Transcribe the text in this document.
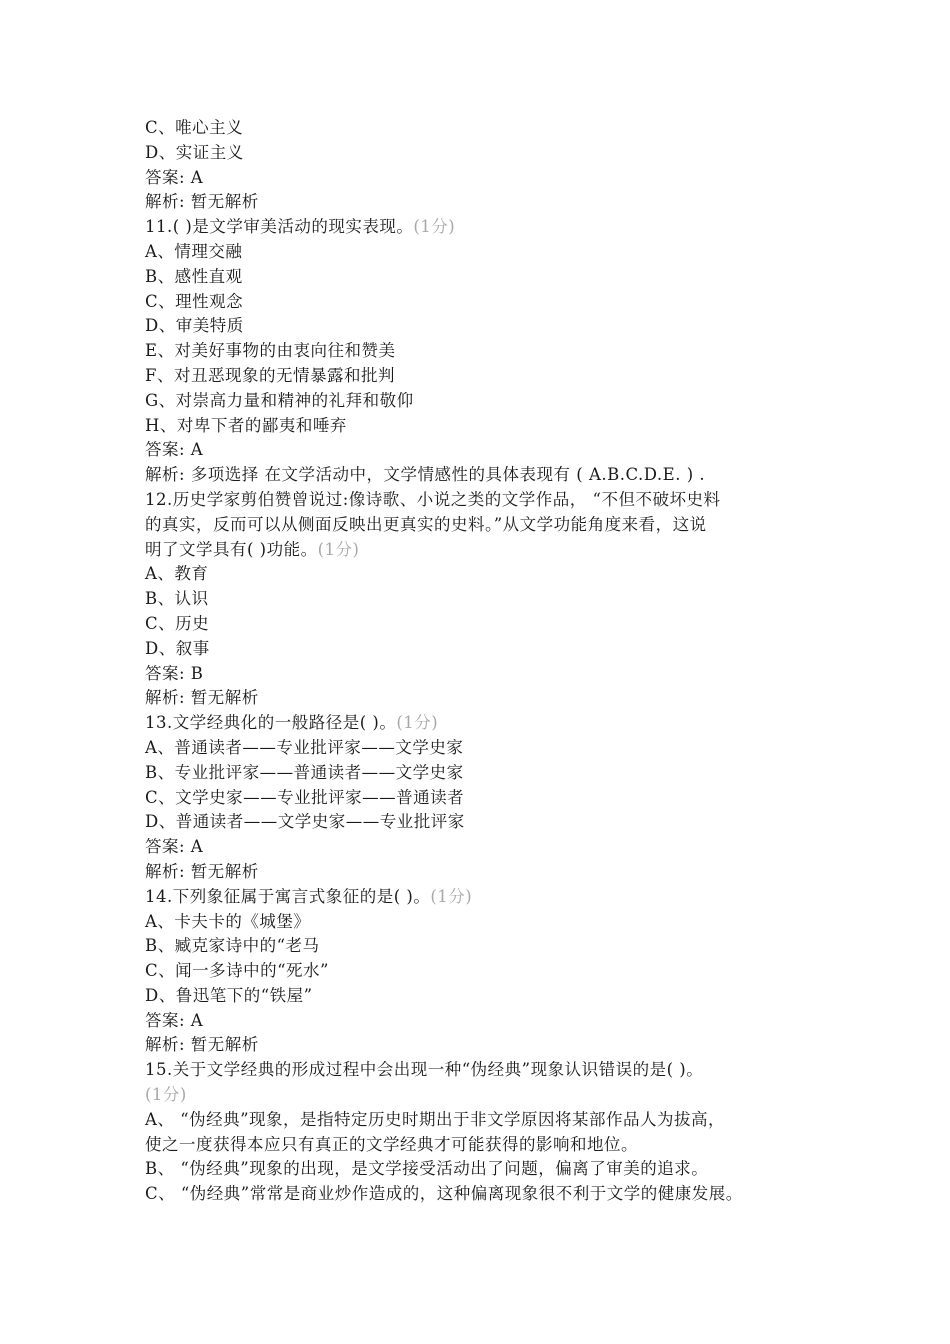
C、唯心主义
D、实证主义
答案: A
解析: 暂无解析
11.( )是文学审美活动的现实表现。(1分)
A、情理交融
B、感性直观
C、理性观念
D、审美特质
E、对美好事物的由衷向往和赞美
F、对丑恶现象的无情暴露和批判
G、对崇高力量和精神的礼拜和敬仰
H、对卑下者的鄙夷和唾弃
答案: A
解析: 多项选择 在文学活动中，文学情感性的具体表现有 ( A.B.C.D.E. ) .
12.历史学家剪伯赞曾说过:像诗歌、小说之类的文学作品， “不但不破坏史料
的真实，反而可以从侧面反映出更真实的史料。”从文学功能角度来看，这说
明了文学具有( )功能。(1分)
A、教育
B、认识
C、历史
D、叙事
答案: B
解析: 暂无解析
13.文学经典化的一般路径是( )。(1分)
A、普通读者——专业批评家——文学史家
B、专业批评家——普通读者——文学史家
C、文学史家——专业批评家——普通读者
D、普通读者——文学史家——专业批评家
答案: A
解析: 暂无解析
14.下列象征属于寓言式象征的是( )。(1分)
A、卡夫卡的《城堡》
B、臧克家诗中的“老马
C、闻一多诗中的“死水”
D、鲁迅笔下的“铁屋”
答案: A
解析: 暂无解析
15.关于文学经典的形成过程中会出现一种“伪经典”现象认识错误的是( )。
(1分)
A、 “伪经典”现象，是指特定历史时期出于非文学原因将某部作品人为拔高，
使之一度获得本应只有真正的文学经典才可能获得的影响和地位。
B、 “伪经典”现象的出现，是文学接受活动出了问题，偏离了审美的追求。
C、 “伪经典”常常是商业炒作造成的，这种偏离现象很不利于文学的健康发展。
